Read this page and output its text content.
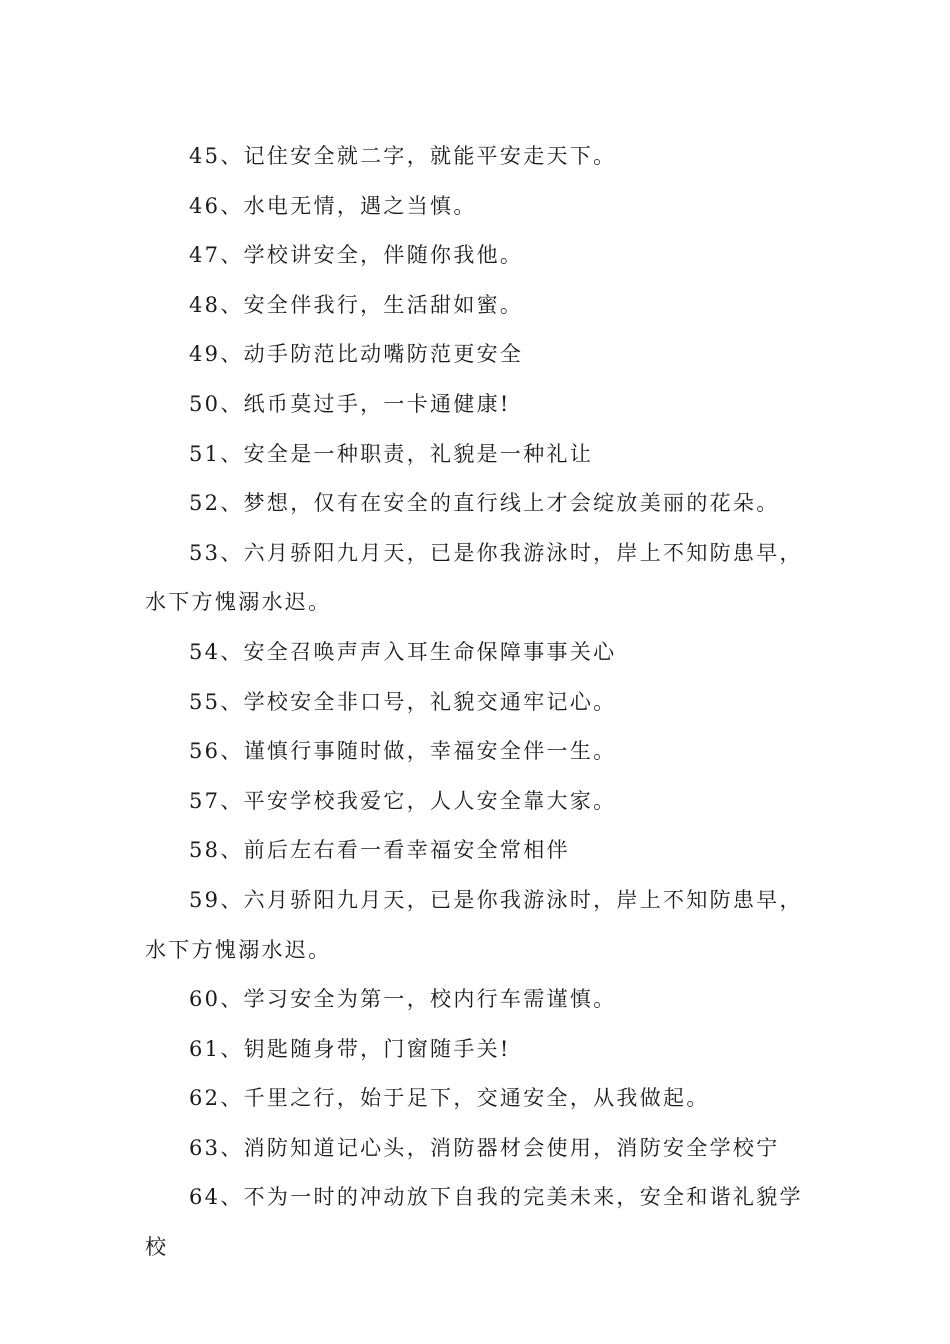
45、记住安全就二字，就能平安走天下。

46、水电无情，遇之当慎。

47、学校讲安全，伴随你我他。

48、安全伴我行，生活甜如蜜。

49、动手防范比动嘴防范更安全

50、纸币莫过手，一卡通健康!

51、安全是一种职责，礼貌是一种礼让

52、梦想，仅有在安全的直行线上才会绽放美丽的花朵。

53、六月骄阳九月天，已是你我游泳时，岸上不知防患早，水下方愧溺水迟。

54、安全召唤声声入耳生命保障事事关心

55、学校安全非口号，礼貌交通牢记心。

56、谨慎行事随时做，幸福安全伴一生。

57、平安学校我爱它，人人安全靠大家。

58、前后左右看一看幸福安全常相伴

59、六月骄阳九月天，已是你我游泳时，岸上不知防患早，水下方愧溺水迟。

60、学习安全为第一，校内行车需谨慎。

61、钥匙随身带，门窗随手关!

62、千里之行，始于足下，交通安全，从我做起。

63、消防知道记心头，消防器材会使用，消防安全学校宁

64、不为一时的冲动放下自我的完美未来，安全和谐礼貌学校
